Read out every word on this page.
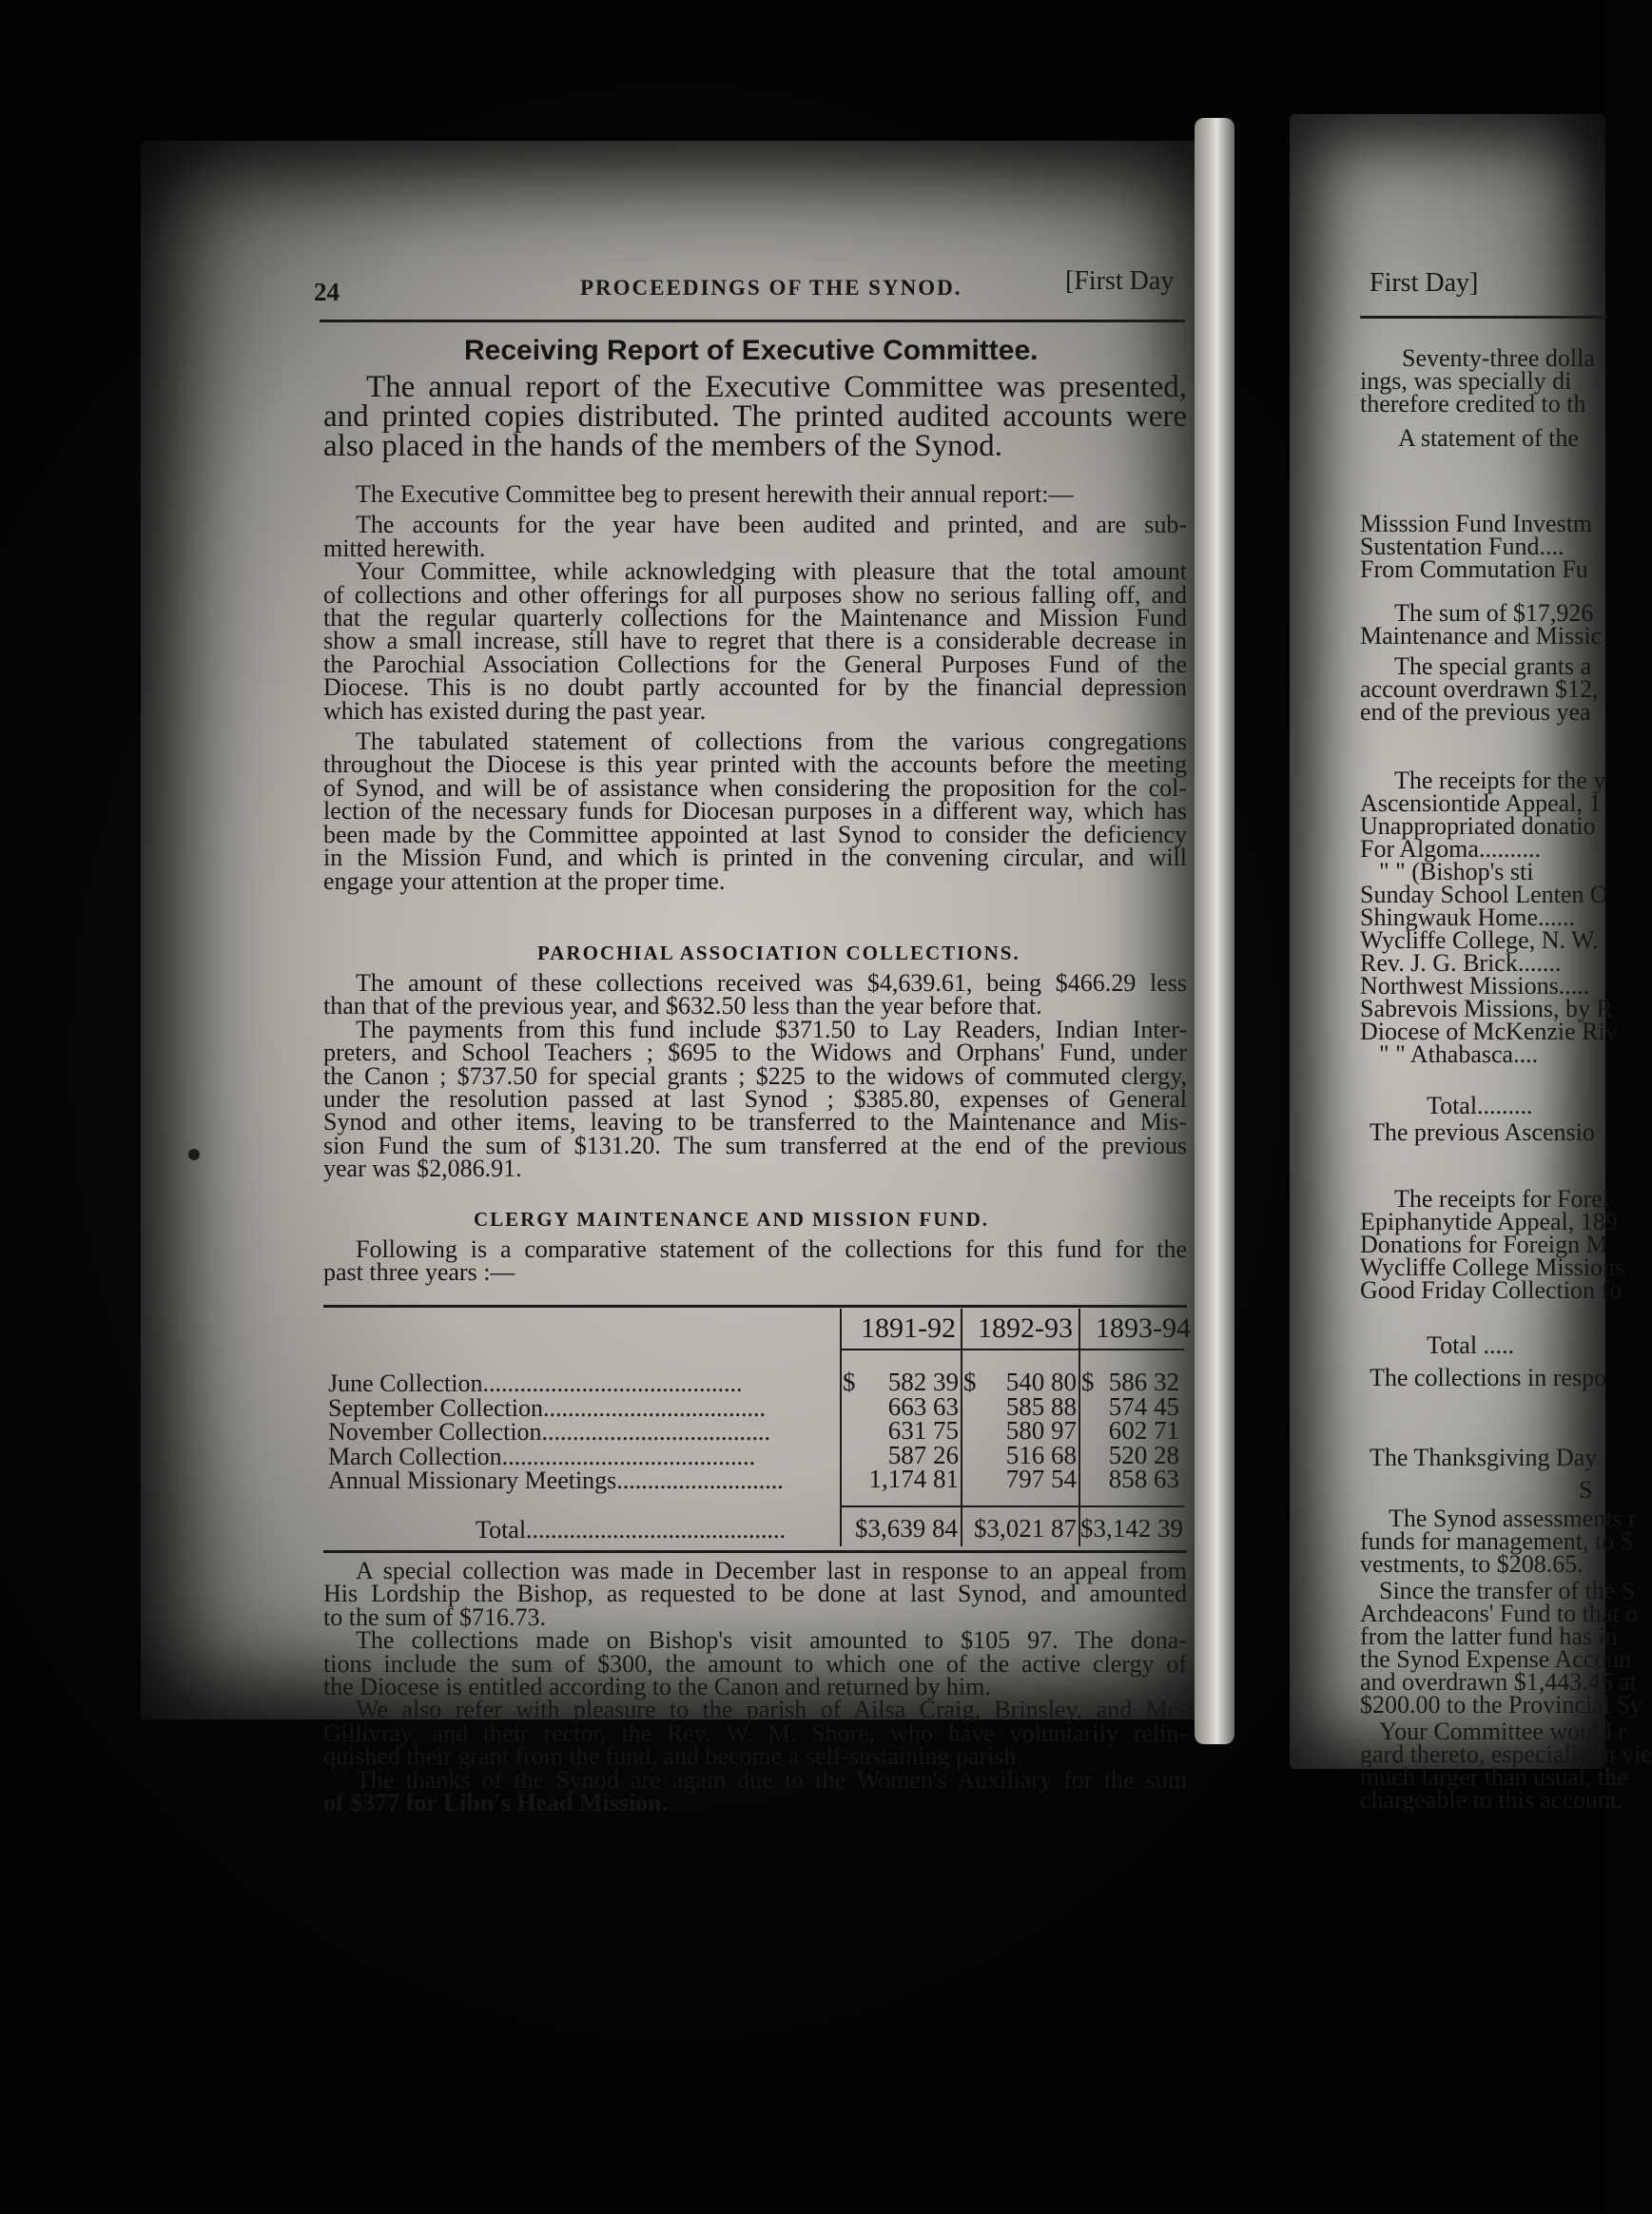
24	PROCEEDINGS OF THE SYNOD.	[First Day
Receiving Report of Executive Committee.
The annual report of the Executive Committee was presented,
and printed copies distributed. The printed audited accounts were
also placed in the hands of the members of the Synod.
The Executive Committee beg to present herewith their annual report:—
The accounts for the year have been audited and printed, and are sub-
mitted herewith.
Your Committee, while acknowledging with pleasure that the total amount
of collections and other offerings for all purposes show no serious falling off, and
that the regular quarterly collections for the Maintenance and Mission Fund
show a small increase, still have to regret that there is a considerable decrease in
the Parochial Association Collections for the General Purposes Fund of the
Diocese. This is no doubt partly accounted for by the financial depression
which has existed during the past year.
The tabulated statement of collections from the various congregations
throughout the Diocese is this year printed with the accounts before the meeting
of Synod, and will be of assistance when considering the proposition for the col-
lection of the necessary funds for Diocesan purposes in a different way, which has
been made by the Committee appointed at last Synod to consider the deficiency
in the Mission Fund, and which is printed in the convening circular, and will
engage your attention at the proper time.
PAROCHIAL ASSOCIATION COLLECTIONS.
The amount of these collections received was $4,639.61, being $466.29 less
than that of the previous year, and $632.50 less than the year before that.
The payments from this fund include $371.50 to Lay Readers, Indian Inter-
preters, and School Teachers ; $695 to the Widows and Orphans' Fund, under
the Canon ; $737.50 for special grants ; $225 to the widows of commuted clergy,
under the resolution passed at last Synod ; $385.80, expenses of General
Synod and other items, leaving to be transferred to the Maintenance and Mis-
sion Fund the sum of $131.20. The sum transferred at the end of the previous
year was $2,086.91.
CLERGY MAINTENANCE AND MISSION FUND.
Following is a comparative statement of the collections for this fund for the
past three years :—
1891-92 1892-93 1893-94
June Collection..........................................	$	582 39 $	540 80 $ 586 32
September Collection....................................	663 63	585 88	574 45
November Collection.....................................	631 75	580 97	602 71
March Collection.........................................	587 26	516 68	520 28
Annual Missionary Meetings...........................	1,174 81	797 54	858 63
Total..........................................	$3,639 84 $3,021 87 $3,142 39
A special collection was made in December last in response to an appeal from
His Lordship the Bishop, as requested to be done at last Synod, and amounted
to the sum of $716.73.
The collections made on Bishop's visit amounted to $105 97. The dona-
tions include the sum of $300, the amount to which one of the active clergy of
the Diocese is entitled according to the Canon and returned by him.
We also refer with pleasure to the parish of Ailsa Craig, Brinsley, and Mc-
Gillivray, and their rector, the Rev. W. M. Shore, who have voluntarily relin-
quished their grant from the fund, and become a self-sustaining parish.
The thanks of the Synod are again due to the Women's Auxiliary for the sum
of $377 for Libn's Head Mission.
First Day]
Seventy-three dolla
ings, was specially di
therefore credited to th
A statement of the
Misssion Fund Investm
Sustentation Fund....
From Commutation Fu
The sum of $17,926
Maintenance and Missic
The special grants a
account overdrawn $12,
end of the previous yea
The receipts for the y
Ascensiontide Appeal, 1
Unappropriated donatio
For Algoma..........
" " (Bishop's sti
Sunday School Lenten O
Shingwauk Home......
Wycliffe College, N. W.
Rev. J. G. Brick.......
Northwest Missions.....
Sabrevois Missions, by R
Diocese of McKenzie Riv
" " Athabasca....
Total.........
The previous Ascensio
The receipts for Forei
Epiphanytide Appeal, 189
Donations for Foreign M
Wycliffe College Missions
Good Friday Collection fo
Total .....
The collections in respo
The Thanksgiving Day
S
The Synod assessments r
funds for management, to $
vestments, to $208.65.
Since the transfer of the S
Archdeacons' Fund to that o
from the latter fund has in
the Synod Expense Accoun
and overdrawn $1,443.45 at
$200.00 to the Provincial Sy
Your Committee would r
gard thereto, especially in vie
much larger than usual, the
chargeable to this account.
